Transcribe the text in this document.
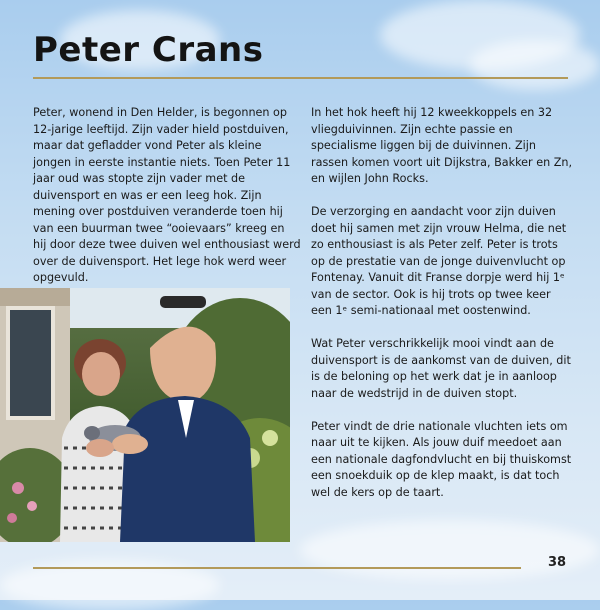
Peter Crans

Peter, wonend in Den Helder, is begonnen op 12-jarige leeftijd. Zijn vader hield postduiven, maar dat gefladder vond Peter als kleine jongen in eerste instantie niets. Toen Peter 11 jaar oud was stopte zijn vader met de duivensport en was er een leeg hok. Zijn mening over postduiven veranderde toen hij van een buurman twee “ooievaars” kreeg en hij door deze twee duiven wel enthousiast werd over de duivensport. Het lege hok werd weer opgevuld.

In het hok heeft hij 12 kweekkoppels en 32 vliegduivinnen. Zijn echte passie en specialisme liggen bij de duivinnen. Zijn rassen komen voort uit Dijkstra, Bakker en Zn, en wijlen John Rocks.

De verzorging en aandacht voor zijn duiven doet hij samen met zijn vrouw Helma, die net zo enthousiast is als Peter zelf. Peter is trots op de prestatie van de jonge duivenvlucht op Fontenay. Vanuit dit Franse dorpje werd hij 1ᵉ van de sector. Ook is hij trots op twee keer een 1ᵉ semi-nationaal met oostenwind.

Wat Peter verschrikkelijk mooi vindt aan de duivensport is de aankomst van de duiven, dit is de beloning op het werk dat je in aanloop naar de wedstrijd in de duiven stopt.

Peter vindt de drie nationale vluchten iets om naar uit te kijken. Als jouw duif meedoet aan een nationale dagfondvlucht en bij thuiskomst een snoekduik op de klep maakt, is dat toch wel de kers op de taart.

38
